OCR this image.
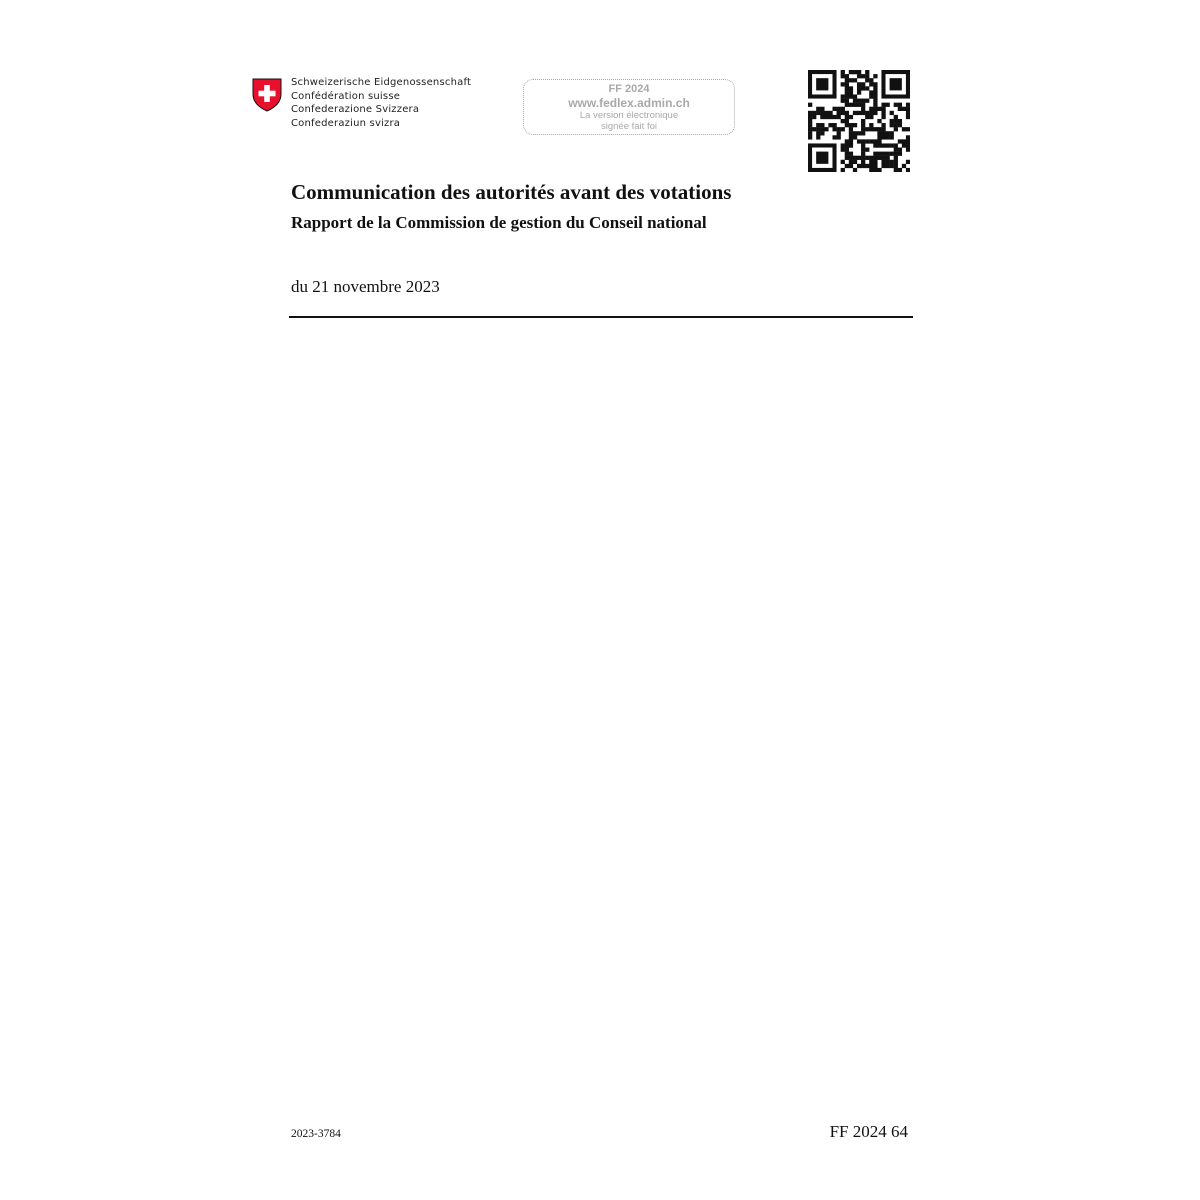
Schweizerische Eidgenossenschaft
Confédération suisse
Confederazione Svizzera
Confederaziun svizra
FF 2024
www.fedlex.admin.ch
La version électronique
signée fait foi
Communication des autorités avant des votations
Rapport de la Commission de gestion du Conseil national
du 21 novembre 2023
2023-3784	FF 2024 64
